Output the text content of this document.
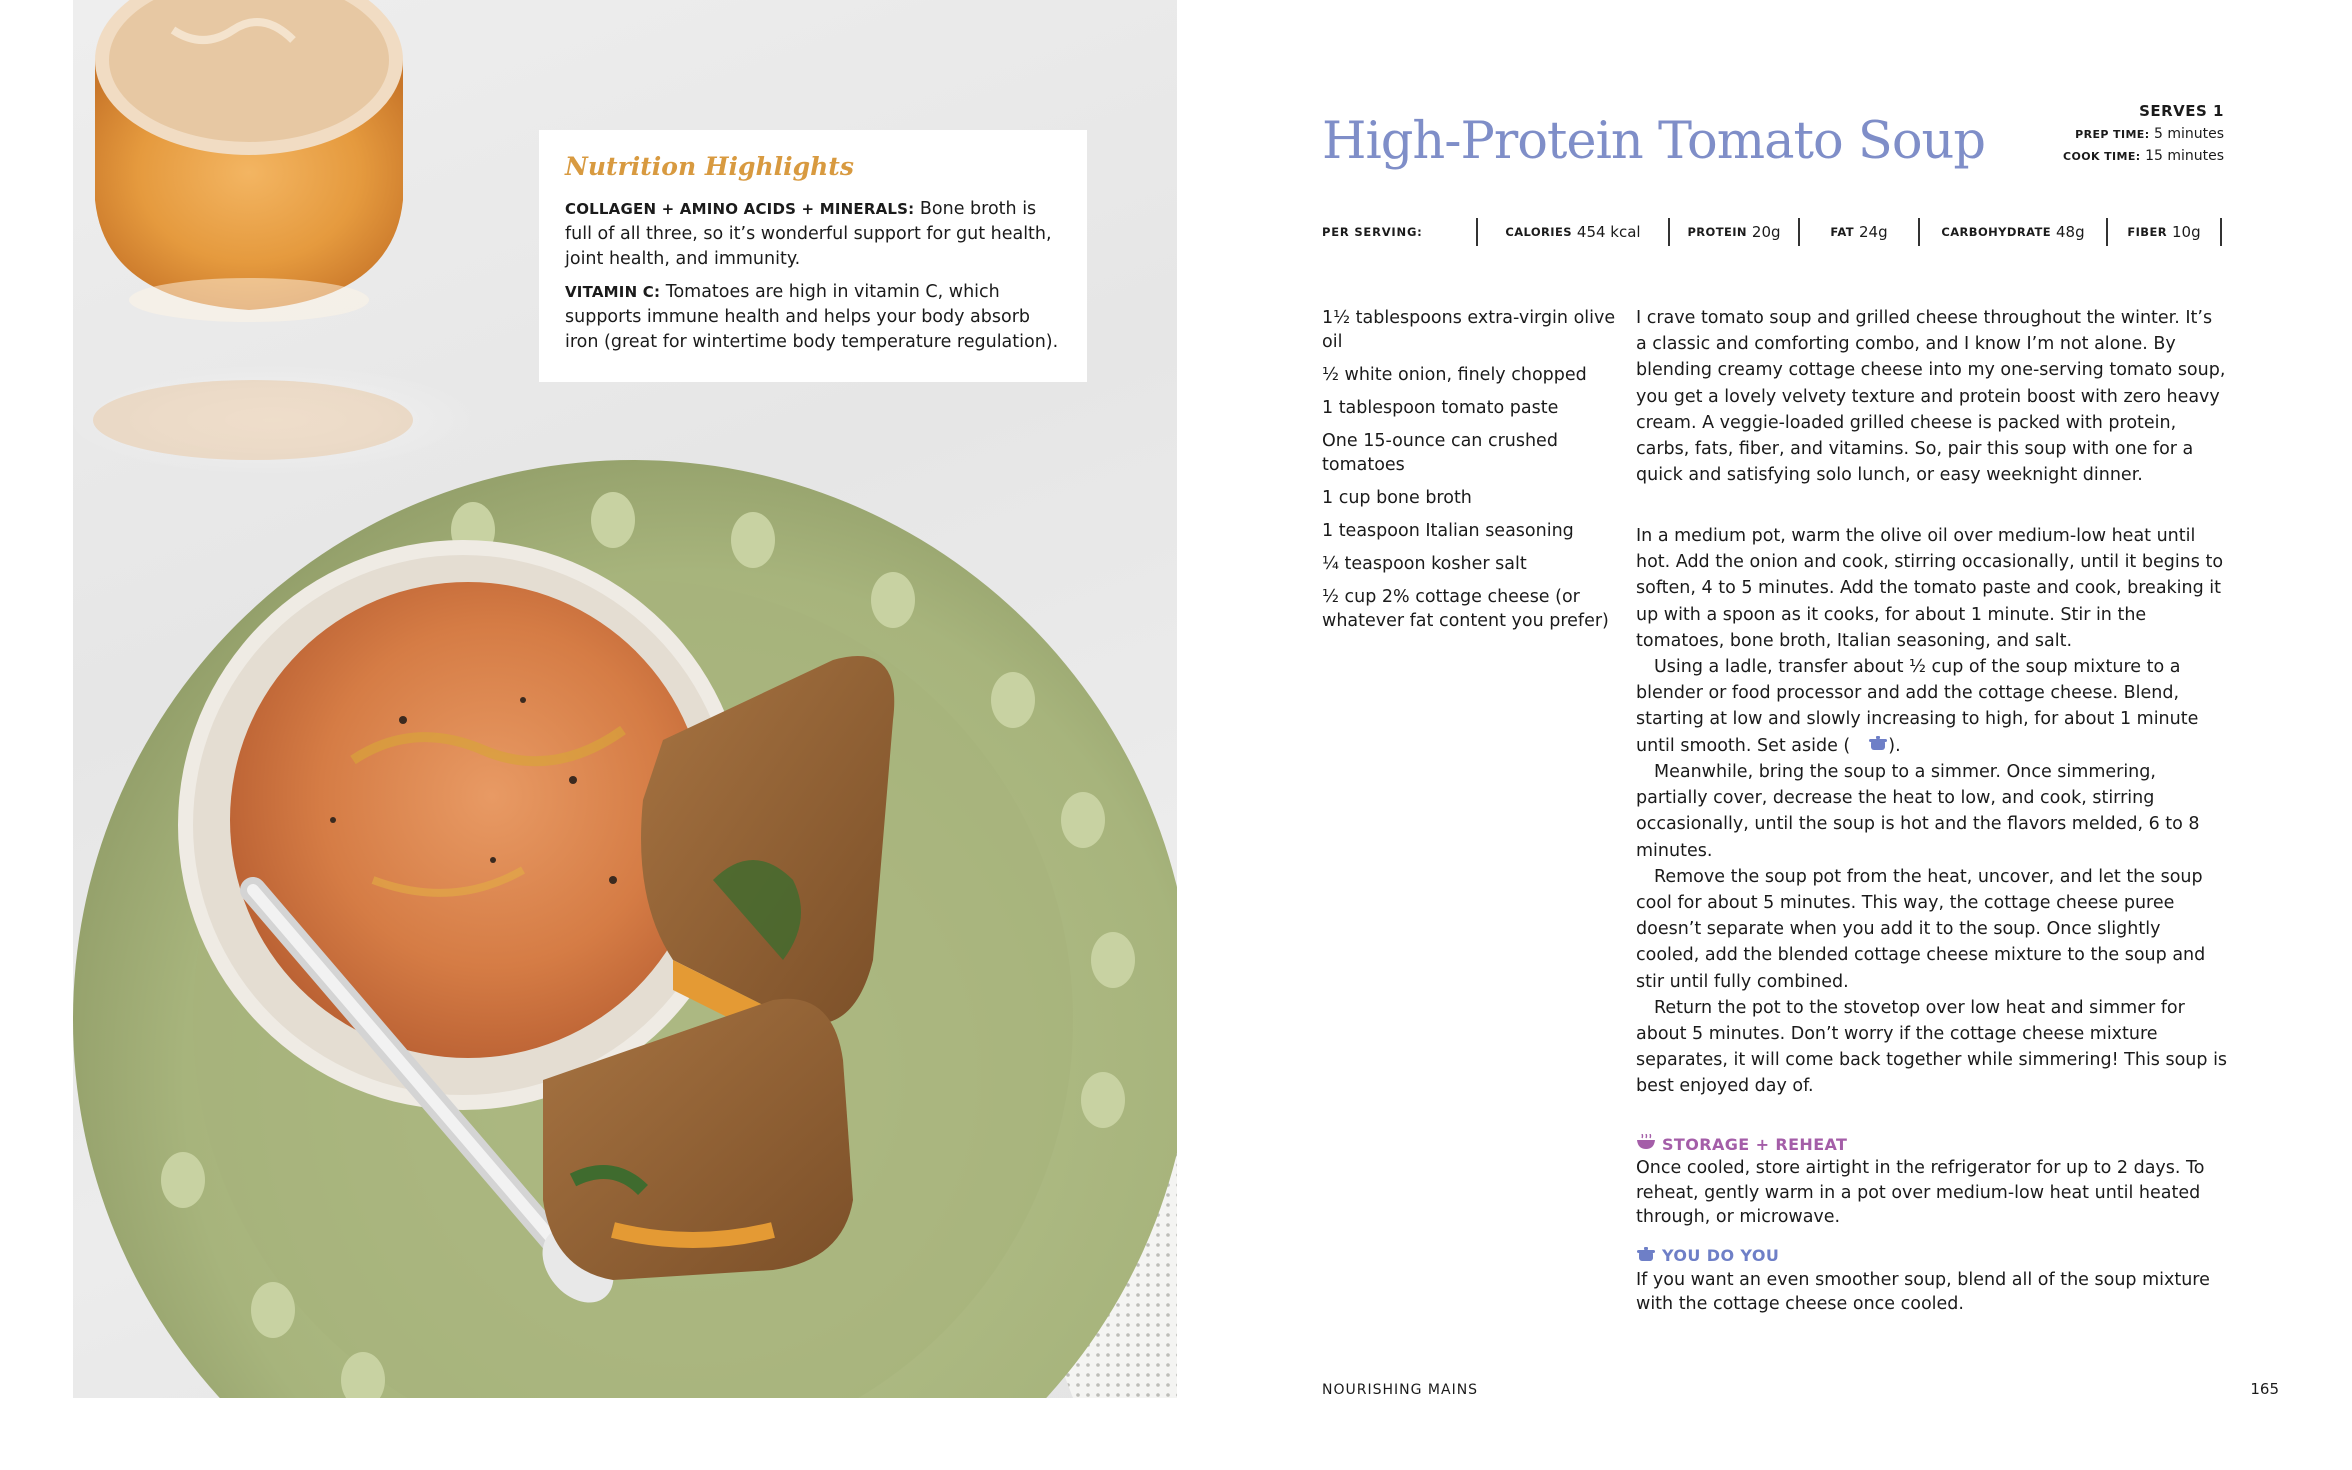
Nutrition Highlights

COLLAGEN + AMINO ACIDS + MINERALS: Bone broth is full of all three, so it’s wonderful support for gut health, joint health, and immunity.

VITAMIN C: Tomatoes are high in vitamin C, which supports immune health and helps your body absorb iron (great for wintertime body temperature regulation).

High-Protein Tomato Soup
SERVES 1
PREP TIME: 5 minutes
COOK TIME: 15 minutes
PER SERVING:	CALORIES 454 kcal	PROTEIN 20g	FAT 24g	CARBOHYDRATE 48g	FIBER 10g
1½ tablespoons extra-virgin olive oil
½ white onion, finely chopped
1 tablespoon tomato paste
One 15-ounce can crushed tomatoes
1 cup bone broth
1 teaspoon Italian seasoning
¼ teaspoon kosher salt
½ cup 2% cottage cheese (or whatever fat content you prefer)

I crave tomato soup and grilled cheese throughout the winter. It’s a classic and comforting combo, and I know I’m not alone. By blending creamy cottage cheese into my one-serving tomato soup, you get a lovely velvety texture and protein boost with zero heavy cream. A veggie-loaded grilled cheese is packed with protein, carbs, fats, fiber, and vitamins. So, pair this soup with one for a quick and satisfying solo lunch, or easy weeknight dinner.

In a medium pot, warm the olive oil over medium-low heat until hot. Add the onion and cook, stirring occasionally, until it begins to soften, 4 to 5 minutes. Add the tomato paste and cook, breaking it up with a spoon as it cooks, for about 1 minute. Stir in the tomatoes, bone broth, Italian seasoning, and salt.

Using a ladle, transfer about ½ cup of the soup mixture to a blender or food processor and add the cottage cheese. Blend, starting at low and slowly increasing to high, for about 1 minute until smooth. Set aside ( ).

Meanwhile, bring the soup to a simmer. Once simmering, partially cover, decrease the heat to low, and cook, stirring occasionally, until the soup is hot and the flavors melded, 6 to 8 minutes.

Remove the soup pot from the heat, uncover, and let the soup cool for about 5 minutes. This way, the cottage cheese puree doesn’t separate when you add it to the soup. Once slightly cooled, add the blended cottage cheese mixture to the soup and stir until fully combined.

Return the pot to the stovetop over low heat and simmer for about 5 minutes. Don’t worry if the cottage cheese mixture separates, it will come back together while simmering! This soup is best enjoyed day of.

STORAGE + REHEAT

Once cooled, store airtight in the refrigerator for up to 2 days. To reheat, gently warm in a pot over medium-low heat until heated through, or microwave.

YOU DO YOU

If you want an even smoother soup, blend all of the soup mixture with the cottage cheese once cooled.

NOURISHING MAINS	165
